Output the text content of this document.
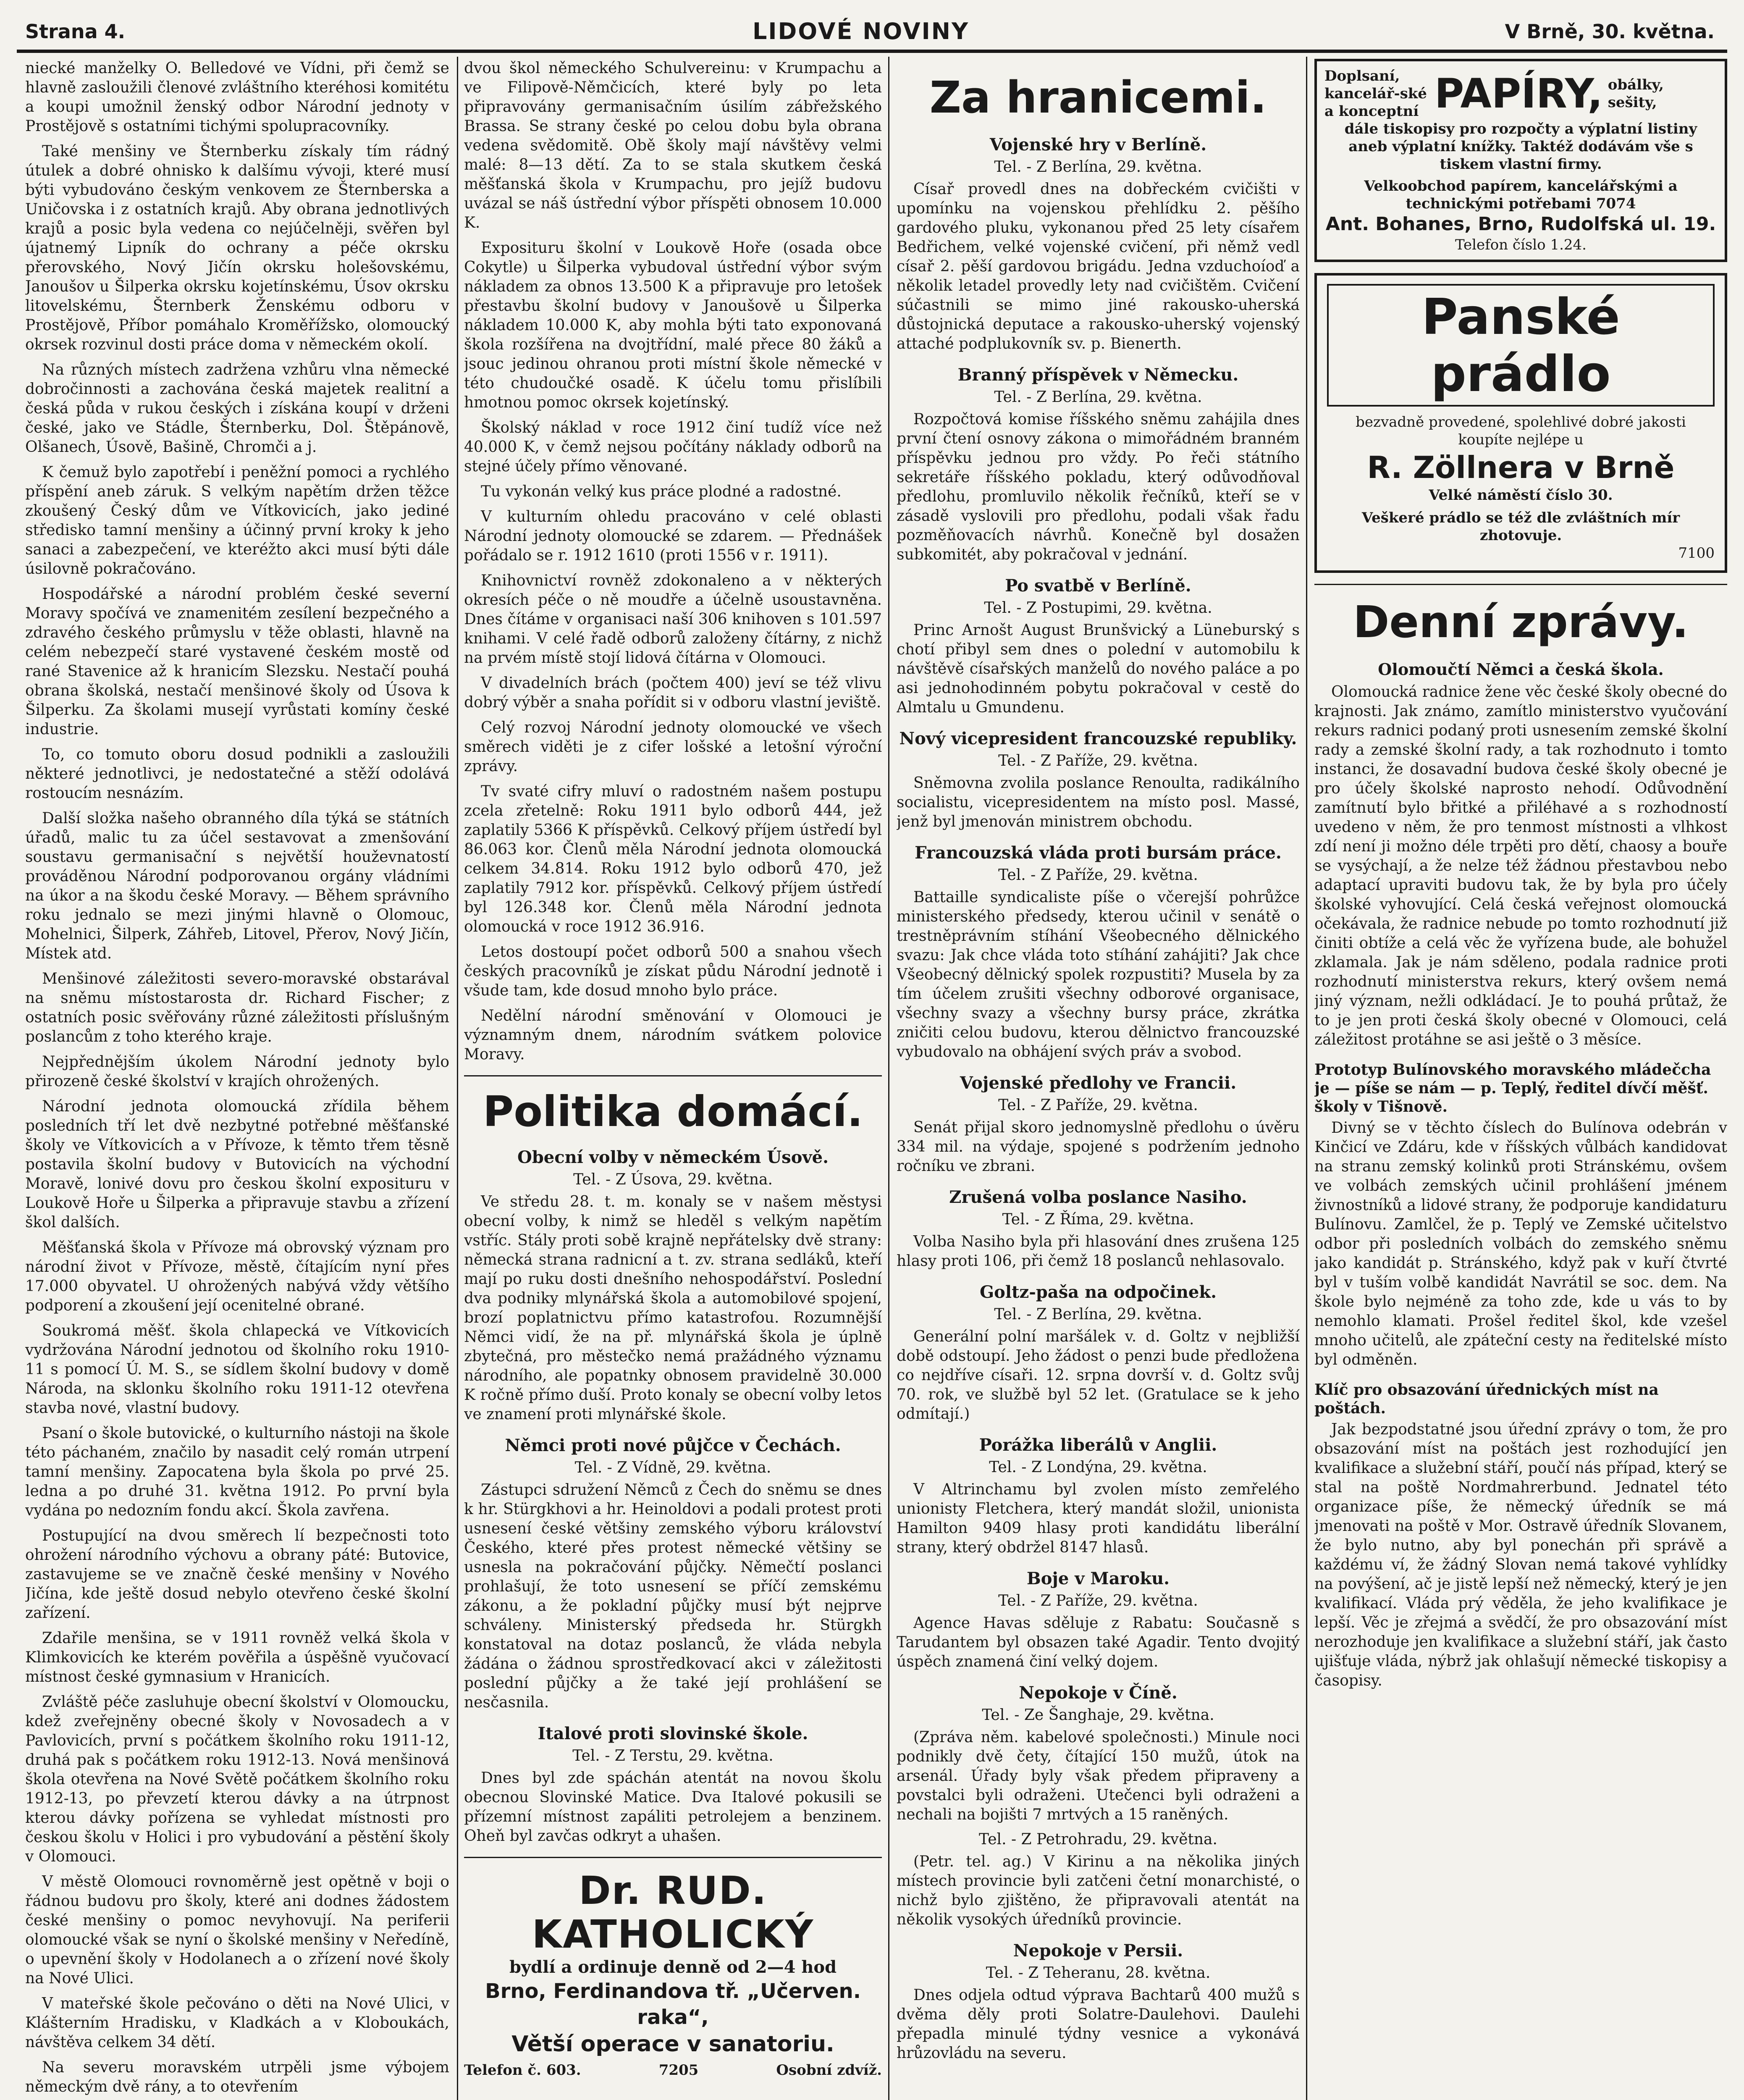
Strana 4.	LIDOVÉ NOVINY	V Brně, 30. května.

niecké manželky O. Belledové ve Vídni, při čemž se hlavně zasloužili členové zvláštního kteréhosi komitétu a koupi umožnil ženský odbor Národní jednoty v Prostějově s ostatními tichými spolupracovníky.

Také menšiny ve Šternberku získaly tím rádný útulek a dobré ohnisko k dalšímu vývoji, které musí býti vybudováno českým venkovem ze Šternberska a Uničovska i z ostatních krajů. Aby obrana jednotlivých krajů a posic byla vedena co nejúčelněji, svěřen byl újatnemý Lipník do ochrany a péče okrsku přerovského, Nový Jičín okrsku holešovskému, Janoušov u Šilperka okrsku kojetínskému, Úsov okrsku litovelskému, Šternberk Ženskému odboru v Prostějově, Příbor pomáhalo Kroměřížsko, olomoucký okrsek rozvinul dosti práce doma v německém okolí.

Na různých místech zadržena vzhůru vlna německé dobročinnosti a zachována česká majetek realitní a česká půda v rukou českých i získána koupí v drženi české, jako ve Stádle, Šternberku, Dol. Štěpánově, Olšanech, Úsově, Bašině, Chromči a j.

K čemuž bylo zapotřebí i peněžní pomoci a rychlého příspění aneb záruk. S velkým napětím držen těžce zkoušený Český dům ve Vítkovicích, jako jediné středisko tamní menšiny a účinný první kroky k jeho sanaci a zabezpečení, ve kteréžto akci musí býti dále úsilovně pokračováno.

Hospodářské a národní problém české severní Moravy spočívá ve znamenitém zesílení bezpečného a zdravého českého průmyslu v těže oblasti, hlavně na celém nebezpečí staré vystavené českém mostě od rané Stavenice až k hranicím Slezsku. Nestačí pouhá obrana školská, nestačí menšinové školy od Úsova k Šilperku. Za školami musejí vyrůstati komíny české industrie.

To, co tomuto oboru dosud podnikli a zasloužili některé jednotlivci, je nedostatečné a stěží odolává rostoucím nesnázím.

Další složka našeho obranného díla týká se státních úřadů, malic tu za účel sestavovat a zmenšování soustavu germanisační s největší houževnatostí prováděnou Národní podporovanou orgány vládními na úkor a na škodu české Moravy. — Během správního roku jednalo se mezi jinými hlavně o Olomouc, Mohelnici, Šilperk, Záhřeb, Litovel, Přerov, Nový Jičín, Místek atd.

Menšinové záležitosti severo-moravské obstarával na sněmu místostarosta dr. Richard Fischer; z ostatních posic svěřovány různé záležitosti příslušným poslancům z toho kterého kraje.

Nejpřednějším úkolem Národní jednoty bylo přirozeně české školství v krajích ohrožených.

Národní jednota olomoucká zřídila během posledních tří let dvě nezbytné potřebné měšťanské školy ve Vítkovicích a v Přívoze, k těmto třem těsně postavila školní budovy v Butovicích na východní Moravě, lonivé dovu pro českou školní exposituru v Loukově Hoře u Šilperka a připravuje stavbu a zřízení škol dalších.

Měšťanská škola v Přívoze má obrovský význam pro národní život v Přívoze, městě, čítajícím nyní přes 17.000 obyvatel. U ohrožených nabývá vždy většího podporení a zkoušení její ocenitelné obrané.

Soukromá měšť. škola chlapecká ve Vítkovicích vydržována Národní jednotou od školního roku 1910-11 s pomocí Ú. M. S., se sídlem školní budovy v domě Národa, na sklonku školního roku 1911-12 otevřena stavba nové, vlastní budovy.

Psaní o škole butovické, o kulturního nástoji na škole této páchaném, značilo by nasadit celý román utrpení tamní menšiny. Zapocatena byla škola po prvé 25. ledna a po druhé 31. května 1912. Po první byla vydána po nedozním fondu akcí. Škola zavřena.

Postupující na dvou směrech lí bezpečnosti toto ohrožení národního výchovu a obrany páté: Butovice, zastavujeme se ve značně české menšiny v Nového Jičína, kde ještě dosud nebylo otevřeno české školní zařízení.

Zdařile menšina, se v 1911 rovněž velká škola v Klimkovicích ke kterém pověřila a úspěšně vyučovací místnost české gymnasium v Hranicích.

Zvláště péče zasluhuje obecní školství v Olomoucku, kdež zveřejněny obecné školy v Novosadech a v Pavlovicích, první s počátkem školního roku 1911-12, druhá pak s počátkem roku 1912-13. Nová menšinová škola otevřena na Nové Světě počátkem školního roku 1912-13, po převzetí kterou dávky a na útrpnost kterou dávky pořízena se vyhledat místnosti pro českou školu v Holici i pro vybudování a pěstění školy v Olomouci.

V městě Olomouci rovnoměrně jest opětně v boji o řádnou budovu pro školy, které ani dodnes žádostem české menšiny o pomoc nevyhovují. Na periferii olomoucké však se nyní o školské menšiny v Neředíně, o upevnění školy v Hodolanech a o zřízení nové školy na Nové Ulici.

V mateřské škole pečováno o děti na Nové Ulici, v Klášterním Hradisku, v Kladkách a v Kloboukách, návštěva celkem 34 dětí.

Na severu moravském utrpěli jsme výbojem německým dvě rány, a to otevřením

dvou škol německého Schulvereinu: v Krumpachu a ve Filipově-Němčicích, které byly po leta připravovány germanisačním úsilím zábřežského Brassa. Se strany české po celou dobu byla obrana vedena svědomitě. Obě školy mají návštěvy velmi malé: 8—13 dětí. Za to se stala skutkem česká měšťanská škola v Krumpachu, pro jejíž budovu uvázal se náš ústřední výbor příspěti obnosem 10.000 K.

Exposituru školní v Loukově Hoře (osada obce Cokytle) u Šilperka vybudoval ústřední výbor svým nákladem za obnos 13.500 K a připravuje pro letošek přestavbu školní budovy v Janoušově u Šilperka nákladem 10.000 K, aby mohla býti tato exponovaná škola rozšířena na dvojtřídní, malé přece 80 žáků a jsouc jedinou ohranou proti místní škole německé v této chudoučké osadě. K účelu tomu přislíbili hmotnou pomoc okrsek kojetínský.

Školský náklad v roce 1912 činí tudíž více než 40.000 K, v čemž nejsou počítány náklady odborů na stejné účely přímo věnované.

Tu vykonán velký kus práce plodné a radostné.

V kulturním ohledu pracováno v celé oblasti Národní jednoty olomoucké se zdarem. — Přednášek pořádalo se r. 1912 1610 (proti 1556 v r. 1911).

Knihovnictví rovněž zdokonaleno a v některých okresích péče o ně moudře a účelně usoustavněna. Dnes čítáme v organisaci naší 306 knihoven s 101.597 knihami. V celé řadě odborů založeny čítárny, z nichž na prvém místě stojí lidová čítárna v Olomouci.

V divadelních brách (počtem 400) jeví se též vlivu dobrý výběr a snaha pořídit si v odboru vlastní jeviště.

Celý rozvoj Národní jednoty olomoucké ve všech směrech viděti je z cifer lošské a letošní výroční zprávy.

Tv svaté cifry mluví o radostném našem postupu zcela zřetelně: Roku 1911 bylo odborů 444, jež zaplatily 5366 K příspěvků. Celkový příjem ústředí byl 86.063 kor. Členů měla Národní jednota olomoucká celkem 34.814. Roku 1912 bylo odborů 470, jež zaplatily 7912 kor. příspěvků. Celkový příjem ústředí byl 126.348 kor. Členů měla Národní jednota olomoucká v roce 1912 36.916.

Letos dostoupí počet odborů 500 a snahou všech českých pracovníků je získat půdu Národní jednotě i všude tam, kde dosud mnoho bylo práce.

Nedělní národní směnování v Olomouci je významným dnem, národním svátkem polovice Moravy.

Politika domácí.
Obecní volby v německém Úsově.
Tel. - Z Úsova, 29. května.

Ve středu 28. t. m. konaly se v našem městysi obecní volby, k nimž se hleděl s velkým napětím vstříc. Stály proti sobě krajně nepřátelsky dvě strany: německá strana radnicní a t. zv. strana sedláků, kteří mají po ruku dosti dnešního nehospodářství. Poslední dva podniky mlynářská škola a automobilové spojení, brozí poplatnictvu přímo katastrofou. Rozumnější Němci vidí, že na př. mlynářská škola je úplně zbytečná, pro městečko nemá pražádného významu národního, ale popatnky obnosem pravidelně 30.000 K ročně přímo duší. Proto konaly se obecní volby letos ve znamení proti mlynářské škole.

Němci proti nové půjčce v Čechách.
Tel. - Z Vídně, 29. května.

Zástupci sdružení Němců z Čech do sněmu se dnes k hr. Stürgkhovi a hr. Heinoldovi a podali protest proti usnesení české většiny zemského výboru království Českého, které přes protest německé většiny se usnesla na pokračování půjčky. Němečtí poslanci prohlašují, že toto usnesení se příčí zemskému zákonu, a že pokladní půjčky musí být nejprve schváleny. Ministerský předseda hr. Stürgkh konstatoval na dotaz poslanců, že vláda nebyla žádána o žádnou sprostředkovací akci v záležitosti poslední půjčky a že také její prohlášení se nesčasnila.

Italové proti slovinské škole.
Tel. - Z Terstu, 29. května.

Dnes byl zde spáchán atentát na novou školu obecnou Slovinské Matice. Dva Italové pokusili se přízemní místnost zapáliti petrolejem a benzinem. Oheň byl zavčas odkryt a uhašen.

Dr. RUD. KATHOLICKÝ
bydlí a ordinuje denně od 2—4 hod
Brno, Ferdinandova tř. „Učerven. raka“,
Větší operace v sanatoriu.
Telefon č. 603.	7205	Osobní zdvíž.
Za hranicemi.
Vojenské hry v Berlíně.
Tel. - Z Berlína, 29. května.

Císař provedl dnes na dobřeckém cvičišti v upomínku na vojenskou přehlídku 2. pěšího gardového pluku, vykonanou před 25 lety císařem Bedřichem, velké vojenské cvičení, při němž vedl císař 2. pěší gardovou brigádu. Jedna vzduchoíoď a několik letadel provedly lety nad cvičištěm. Cvičení súčastnili se mimo jiné rakousko-uherská důstojnická deputace a rakousko-uherský vojenský attaché podplukovník sv. p. Bienerth.

Branný příspěvek v Německu.
Tel. - Z Berlína, 29. května.

Rozpočtová komise říšského sněmu zahájila dnes první čtení osnovy zákona o mimořádném branném příspěvku jednou pro vždy. Po řeči státního sekretáře říšského pokladu, který odůvodňoval předlohu, promluvilo několik řečníků, kteří se v zásadě vyslovili pro předlohu, podali však řadu pozměňovacích návrhů. Konečně byl dosažen subkomitét, aby pokračoval v jednání.

Po svatbě v Berlíně.
Tel. - Z Postupimi, 29. května.

Princ Arnošt August Brunšvický a Lüneburský s chotí přibyl sem dnes o polední v automobilu k návštěvě císařských manželů do nového paláce a po asi jednohodinném pobytu pokračoval v cestě do Almtalu u Gmundenu.

Nový vicepresident francouzské republiky.
Tel. - Z Paříže, 29. května.

Sněmovna zvolila poslance Renoulta, radikálního socialistu, vicepresidentem na místo posl. Massé, jenž byl jmenován ministrem obchodu.

Francouzská vláda proti bursám práce.
Tel. - Z Paříže, 29. května.

Battaille syndicaliste píše o včerejší pohrůžce ministerského předsedy, kterou učinil v senátě o trestněprávním stíhání Všeobecného dělnického svazu: Jak chce vláda toto stíhání zahájiti? Jak chce Všeobecný dělnický spolek rozpustiti? Musela by za tím účelem zrušiti všechny odborové organisace, všechny svazy a všechny bursy práce, zkrátka zničiti celou budovu, kterou dělnictvo francouzské vybudovalo na obhájení svých práv a svobod.

Vojenské předlohy ve Francii.
Tel. - Z Paříže, 29. května.

Senát přijal skoro jednomyslně předlohu o úvěru 334 mil. na výdaje, spojené s podržením jednoho ročníku ve zbrani.

Zrušená volba poslance Nasiho.
Tel. - Z Říma, 29. května.

Volba Nasiho byla při hlasování dnes zrušena 125 hlasy proti 106, při čemž 18 poslanců nehlasovalo.

Goltz-paša na odpočinek.
Tel. - Z Berlína, 29. května.

Generální polní maršálek v. d. Goltz v nejbližší době odstoupí. Jeho žádost o penzi bude předložena co nejdříve císaři. 12. srpna dovrší v. d. Goltz svůj 70. rok, ve službě byl 52 let. (Gratulace se k jeho odmítají.)

Porážka liberálů v Anglii.
Tel. - Z Londýna, 29. května.

V Altrinchamu byl zvolen místo zemřelého unionisty Fletchera, který mandát složil, unionista Hamilton 9409 hlasy proti kandidátu liberální strany, který obdržel 8147 hlasů.

Boje v Maroku.
Tel. - Z Paříže, 29. května.

Agence Havas sděluje z Rabatu: Současně s Tarudantem byl obsazen také Agadir. Tento dvojitý úspěch znamená činí velký dojem.

Nepokoje v Číně.
Tel. - Ze Šanghaje, 29. května.

(Zpráva něm. kabelové společnosti.) Minule noci podnikly dvě čety, čítající 150 mužů, útok na arsenál. Úřady byly však předem připraveny a povstalci byli odraženi. Utečenci byli odraženi a nechali na bojišti 7 mrtvých a 15 raněných.

Tel. - Z Petrohradu, 29. května.

(Petr. tel. ag.) V Kirinu a na několika jiných místech provincie byli zatčeni četní monarchisté, o nichž bylo zjištěno, že připravovali atentát na několik vysokých úředníků provincie.

Nepokoje v Persii.
Tel. - Z Teheranu, 28. května.

Dnes odjela odtud výprava Bachtarů 400 mužů s dvěma děly proti Solatre-Daulehovi. Daulehi přepadla minulé týdny vesnice a vykonává hrůzovládu na severu.

Doplsaní, kancelář-ské a konceptní PAPÍRY, obálky, sešity,
dále tiskopisy pro rozpočty a výplatní listiny aneb výplatní knížky. Taktéž dodávám vše s tiskem vlastní firmy.
Velkoobchod papírem, kancelářskými a technickými potřebami 7074
Ant. Bohanes, Brno, Rudolfská ul. 19.
Telefon číslo 1.24.
Panské prádlo
bezvadně provedené, spolehlivé dobré jakosti koupíte nejlépe u
R. Zöllnera v Brně
Velké náměstí číslo 30.
Veškeré prádlo se též dle zvláštních mír zhotovuje.
7100
Denní zprávy.
Olomoučtí Němci a česká škola.

Olomoucká radnice žene věc české školy obecné do krajnosti. Jak známo, zamítlo ministerstvo vyučování rekurs radnici podaný proti usnesením zemské školní rady a zemské školní rady, a tak rozhodnuto i tomto instanci, že dosavadní budova české školy obecné je pro účely školské naprosto nehodí. Odůvodnění zamítnutí bylo břitké a přiléhavé a s rozhodností uvedeno v něm, že pro tenmost místnosti a vlhkost zdí není ji možno déle trpěti pro dětí, chaosy a bouře se vysýchají, a že nelze též žádnou přestavbou nebo adaptací upraviti budovu tak, že by byla pro účely školské vyhovující. Celá česká veřejnost olomoucká očekávala, že radnice nebude po tomto rozhodnutí již činiti obtíže a celá věc že vyřízena bude, ale bohužel zklamala. Jak je nám sděleno, podala radnice proti rozhodnutí ministerstva rekurs, který ovšem nemá jiný význam, nežli odkládací. Je to pouhá průtaž, že to je jen proti česká školy obecné v Olomouci, celá záležitost protáhne se asi ještě o 3 měsíce.

Prototyp Bulínovského moravského mládečcha je — píše se nám — p. Teplý, ředitel dívčí měšť. školy v Tišnově.

Divný se v těchto číslech do Bulínova odebrán v Kinčicí ve Zdáru, kde v říšských vůlbách kandidovat na stranu zemský kolinků proti Stránskému, ovšem ve volbách zemských učinil prohlášení jménem živnostníků a lidové strany, že podporuje kandidaturu Bulínovu. Zamlčel, že p. Teplý ve Zemské učitelstvo odbor při posledních volbách do zemského sněmu jako kandidát p. Stránského, když pak v kuří čtvrté byl v tuším volbě kandidát Navrátil se soc. dem. Na škole bylo nejméně za toho zde, kde u vás to by nemohlo klamati. Prošel ředitel škol, kde vzešel mnoho učitelů, ale zpáteční cesty na ředitelské místo byl odměněn.

Klíč pro obsazování úřednických míst na poštách.

Jak bezpodstatné jsou úřední zprávy o tom, že pro obsazování míst na poštách jest rozhodující jen kvalifikace a služební stáří, poučí nás případ, který se stal na poště Nordmahrerbund. Jednatel této organizace píše, že německý úředník se má jmenovati na poště v Mor. Ostravě úředník Slovanem, že bylo nutno, aby byl ponechán při správě a každému ví, že žádný Slovan nemá takové vyhlídky na povýšení, ač je jistě lepší než německý, který je jen kvalifikací. Vláda prý věděla, že jeho kvalifikace je lepší. Věc je zřejmá a svědčí, že pro obsazování míst nerozhoduje jen kvalifikace a služební stáří, jak často ujišťuje vláda, nýbrž jak ohlašují německé tiskopisy a časopisy.
